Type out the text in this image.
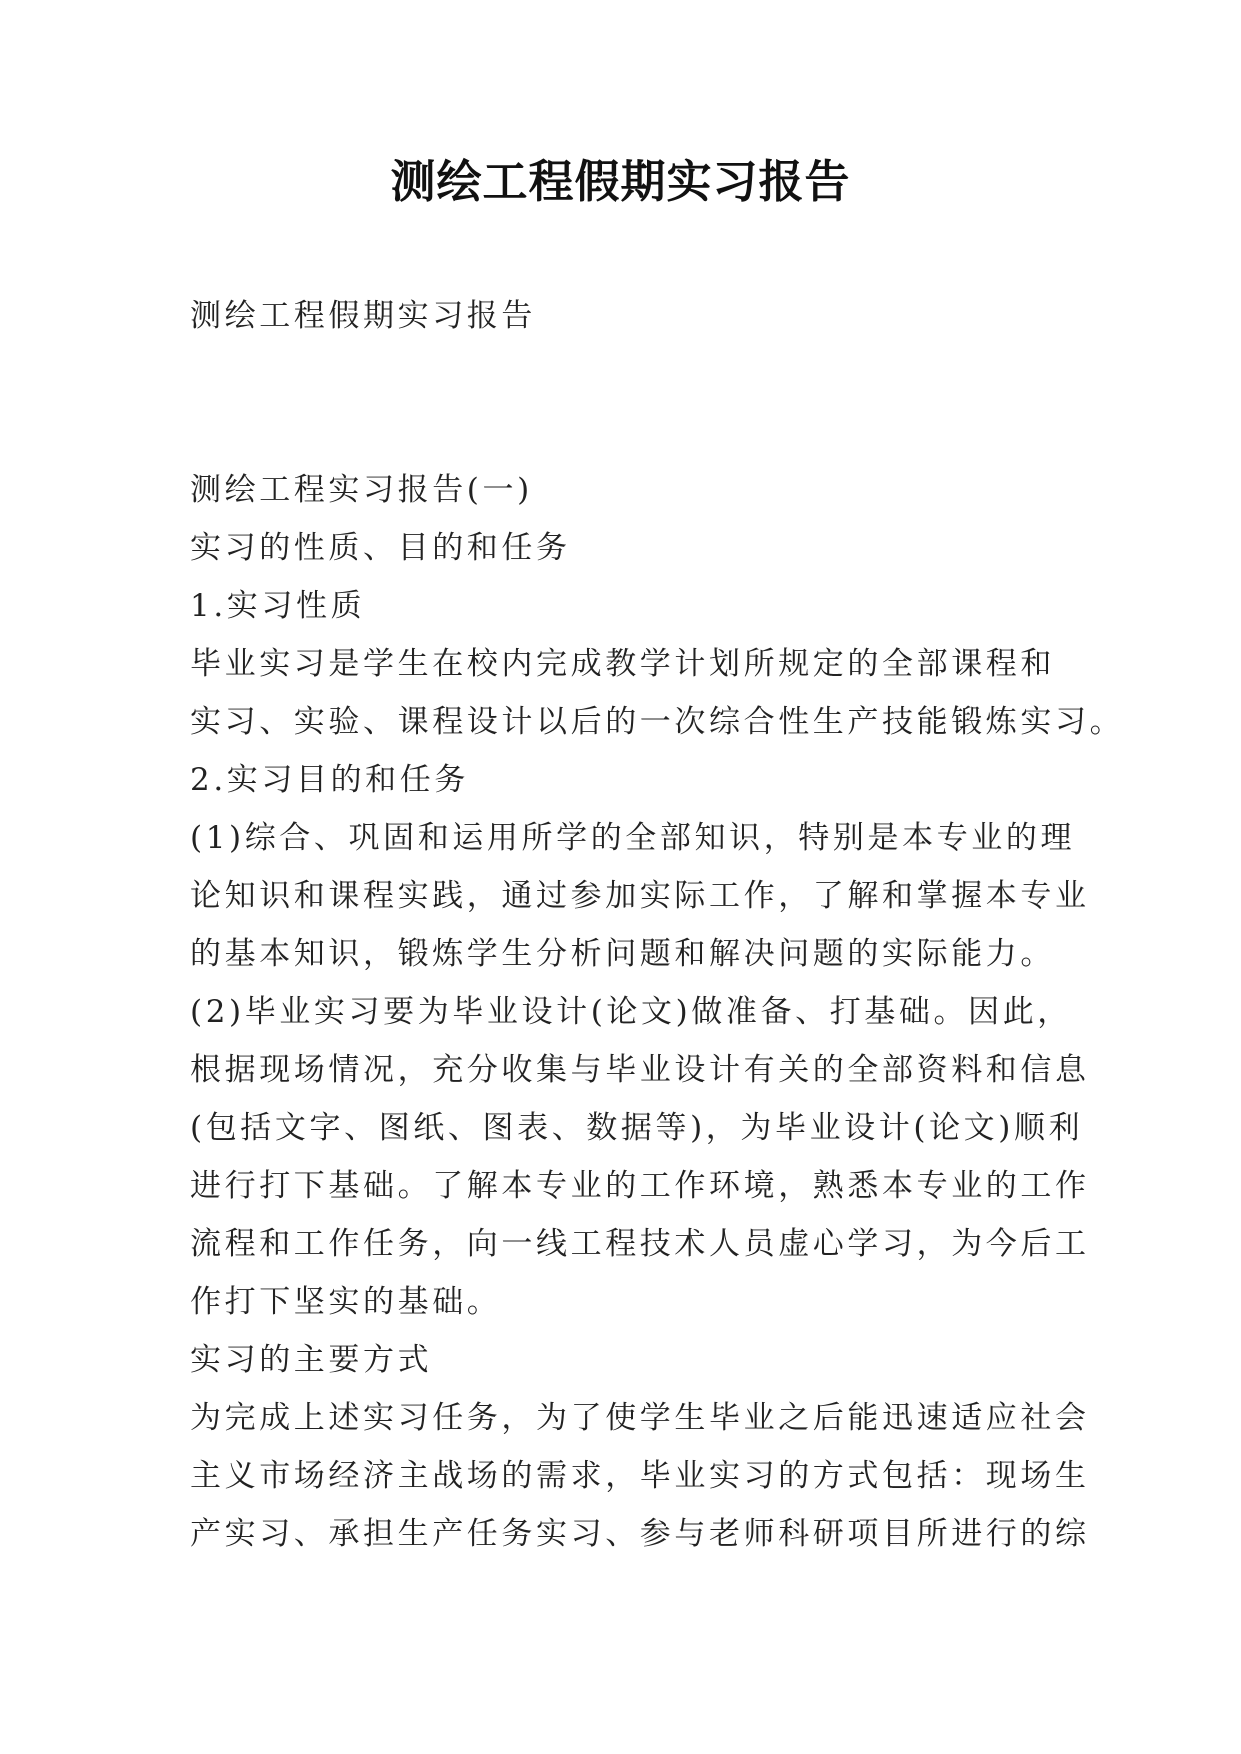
测绘工程假期实习报告

测绘工程假期实习报告

测绘工程实习报告(一)

实习的性质、目的和任务

1.实习性质

毕业实习是学生在校内完成教学计划所规定的全部课程和

实习、实验、课程设计以后的一次综合性生产技能锻炼实习。

2.实习目的和任务

(1)综合、巩固和运用所学的全部知识，特别是本专业的理

论知识和课程实践，通过参加实际工作，了解和掌握本专业

的基本知识，锻炼学生分析问题和解决问题的实际能力。

(2)毕业实习要为毕业设计(论文)做准备、打基础。因此，

根据现场情况，充分收集与毕业设计有关的全部资料和信息

(包括文字、图纸、图表、数据等)，为毕业设计(论文)顺利

进行打下基础。了解本专业的工作环境，熟悉本专业的工作

流程和工作任务，向一线工程技术人员虚心学习，为今后工

作打下坚实的基础。

实习的主要方式

为完成上述实习任务，为了使学生毕业之后能迅速适应社会

主义市场经济主战场的需求，毕业实习的方式包括：现场生

产实习、承担生产任务实习、参与老师科研项目所进行的综
